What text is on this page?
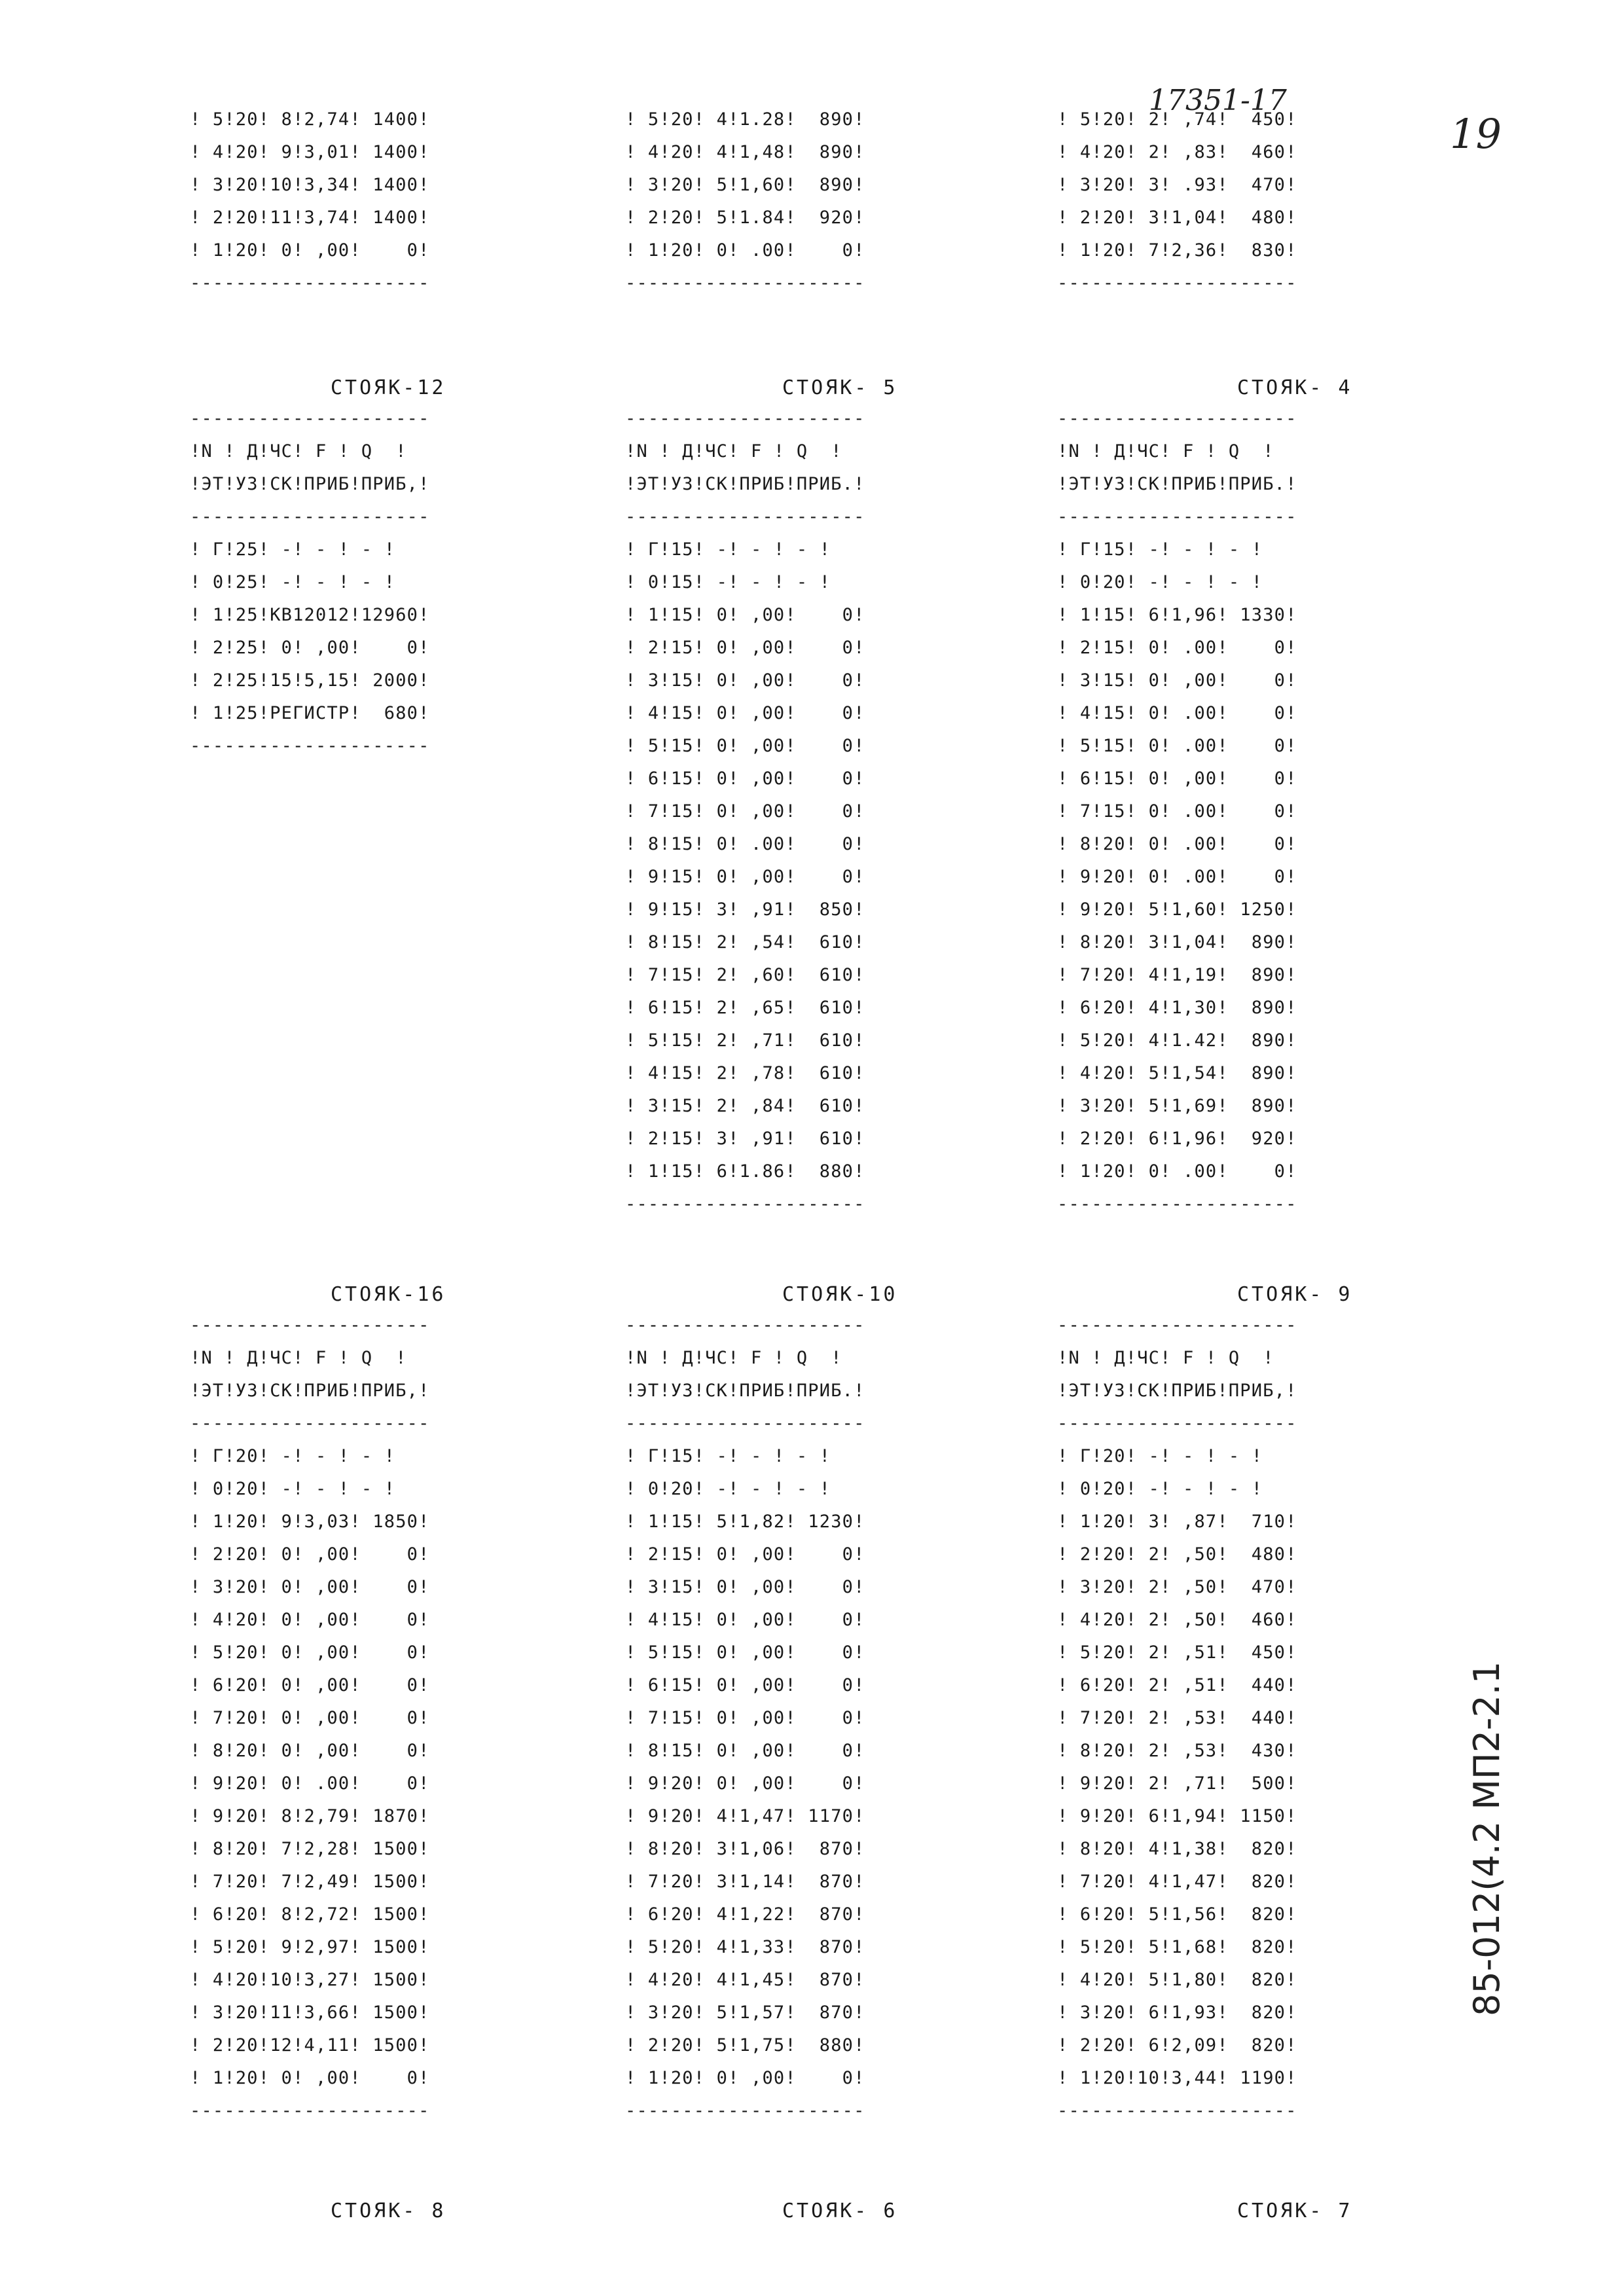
17351-17
19
85-012(4.2 МП2-2.1
! 5!20! 8!2,74! 1400!
! 4!20! 9!3,01! 1400!
! 3!20!10!3,34! 1400!
! 2!20!11!3,74! 1400!
! 1!20! 0! ,00!    0!
---------------------
! 5!20! 4!1.28!  890!
! 4!20! 4!1,48!  890!
! 3!20! 5!1,60!  890!
! 2!20! 5!1.84!  920!
! 1!20! 0! .00!    0!
---------------------
! 5!20! 2! ,74!  450!
! 4!20! 2! ,83!  460!
! 3!20! 3! .93!  470!
! 2!20! 3!1,04!  480!
! 1!20! 7!2,36!  830!
---------------------
СТОЯК-12	СТОЯК- 5	СТОЯК- 4
---------------------
!N ! Д!ЧС! F ! Q  !
!ЭТ!УЗ!СК!ПРИБ!ПРИБ,!
---------------------
! Г!25! -! - ! - !
! 0!25! -! - ! - !
! 1!25!КВ12012!12960!
! 2!25! 0! ,00!    0!
! 2!25!15!5,15! 2000!
! 1!25!РЕГИСТР!  680!
---------------------
---------------------
!N ! Д!ЧС! F ! Q  !
!ЭТ!УЗ!СК!ПРИБ!ПРИБ.!
---------------------
! Г!15! -! - ! - !
! 0!15! -! - ! - !
! 1!15! 0! ,00!    0!
! 2!15! 0! ,00!    0!
! 3!15! 0! ,00!    0!
! 4!15! 0! ,00!    0!
! 5!15! 0! ,00!    0!
! 6!15! 0! ,00!    0!
! 7!15! 0! ,00!    0!
! 8!15! 0! .00!    0!
! 9!15! 0! ,00!    0!
! 9!15! 3! ,91!  850!
! 8!15! 2! ,54!  610!
! 7!15! 2! ,60!  610!
! 6!15! 2! ,65!  610!
! 5!15! 2! ,71!  610!
! 4!15! 2! ,78!  610!
! 3!15! 2! ,84!  610!
! 2!15! 3! ,91!  610!
! 1!15! 6!1.86!  880!
---------------------
---------------------
!N ! Д!ЧС! F ! Q  !
!ЭТ!УЗ!СК!ПРИБ!ПРИБ.!
---------------------
! Г!15! -! - ! - !
! 0!20! -! - ! - !
! 1!15! 6!1,96! 1330!
! 2!15! 0! .00!    0!
! 3!15! 0! ,00!    0!
! 4!15! 0! .00!    0!
! 5!15! 0! .00!    0!
! 6!15! 0! ,00!    0!
! 7!15! 0! .00!    0!
! 8!20! 0! .00!    0!
! 9!20! 0! .00!    0!
! 9!20! 5!1,60! 1250!
! 8!20! 3!1,04!  890!
! 7!20! 4!1,19!  890!
! 6!20! 4!1,30!  890!
! 5!20! 4!1.42!  890!
! 4!20! 5!1,54!  890!
! 3!20! 5!1,69!  890!
! 2!20! 6!1,96!  920!
! 1!20! 0! .00!    0!
---------------------
СТОЯК-16	СТОЯК-10	СТОЯК- 9
---------------------
!N ! Д!ЧС! F ! Q  !
!ЭТ!УЗ!СК!ПРИБ!ПРИБ,!
---------------------
! Г!20! -! - ! - !
! 0!20! -! - ! - !
! 1!20! 9!3,03! 1850!
! 2!20! 0! ,00!    0!
! 3!20! 0! ,00!    0!
! 4!20! 0! ,00!    0!
! 5!20! 0! ,00!    0!
! 6!20! 0! ,00!    0!
! 7!20! 0! ,00!    0!
! 8!20! 0! ,00!    0!
! 9!20! 0! .00!    0!
! 9!20! 8!2,79! 1870!
! 8!20! 7!2,28! 1500!
! 7!20! 7!2,49! 1500!
! 6!20! 8!2,72! 1500!
! 5!20! 9!2,97! 1500!
! 4!20!10!3,27! 1500!
! 3!20!11!3,66! 1500!
! 2!20!12!4,11! 1500!
! 1!20! 0! ,00!    0!
---------------------
---------------------
!N ! Д!ЧС! F ! Q  !
!ЭТ!УЗ!СК!ПРИБ!ПРИБ.!
---------------------
! Г!15! -! - ! - !
! 0!20! -! - ! - !
! 1!15! 5!1,82! 1230!
! 2!15! 0! ,00!    0!
! 3!15! 0! ,00!    0!
! 4!15! 0! ,00!    0!
! 5!15! 0! ,00!    0!
! 6!15! 0! ,00!    0!
! 7!15! 0! ,00!    0!
! 8!15! 0! ,00!    0!
! 9!20! 0! ,00!    0!
! 9!20! 4!1,47! 1170!
! 8!20! 3!1,06!  870!
! 7!20! 3!1,14!  870!
! 6!20! 4!1,22!  870!
! 5!20! 4!1,33!  870!
! 4!20! 4!1,45!  870!
! 3!20! 5!1,57!  870!
! 2!20! 5!1,75!  880!
! 1!20! 0! ,00!    0!
---------------------
---------------------
!N ! Д!ЧС! F ! Q  !
!ЭТ!УЗ!СК!ПРИБ!ПРИБ,!
---------------------
! Г!20! -! - ! - !
! 0!20! -! - ! - !
! 1!20! 3! ,87!  710!
! 2!20! 2! ,50!  480!
! 3!20! 2! ,50!  470!
! 4!20! 2! ,50!  460!
! 5!20! 2! ,51!  450!
! 6!20! 2! ,51!  440!
! 7!20! 2! ,53!  440!
! 8!20! 2! ,53!  430!
! 9!20! 2! ,71!  500!
! 9!20! 6!1,94! 1150!
! 8!20! 4!1,38!  820!
! 7!20! 4!1,47!  820!
! 6!20! 5!1,56!  820!
! 5!20! 5!1,68!  820!
! 4!20! 5!1,80!  820!
! 3!20! 6!1,93!  820!
! 2!20! 6!2,09!  820!
! 1!20!10!3,44! 1190!
---------------------
СТОЯК- 8	СТОЯК- 6	СТОЯК- 7
